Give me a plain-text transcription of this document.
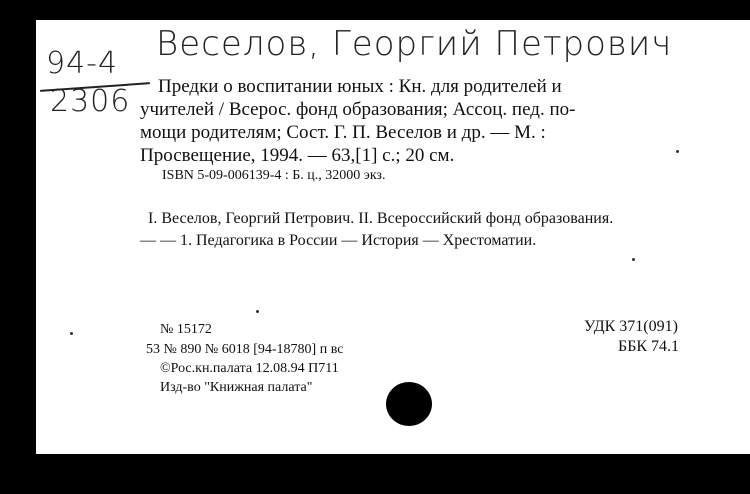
Веселов, Георгий Петрович
94-4
2306 Предки о воспитании юных : Кн. для родителей и
учителей / Всерос. фонд образования; Ассоц. пед. по-
мощи родителям; Сост. Г. П. Веселов и др. — М. :
Просвещение, 1994. — 63,[1] с.; 20 см.
ISBN 5-09-006139-4 : Б. ц., 32000 экз.
I. Веселов, Георгий Петрович. II. Всероссийский фонд образования.
— — 1. Педагогика в России — История — Хрестоматии.
№ 15172
53 № 890 № 6018 [94-18780] п вс
©Рос.кн.палата 12.08.94 П711
Изд-во "Книжная палата"
УДК 371(091)
ББК 74.1
